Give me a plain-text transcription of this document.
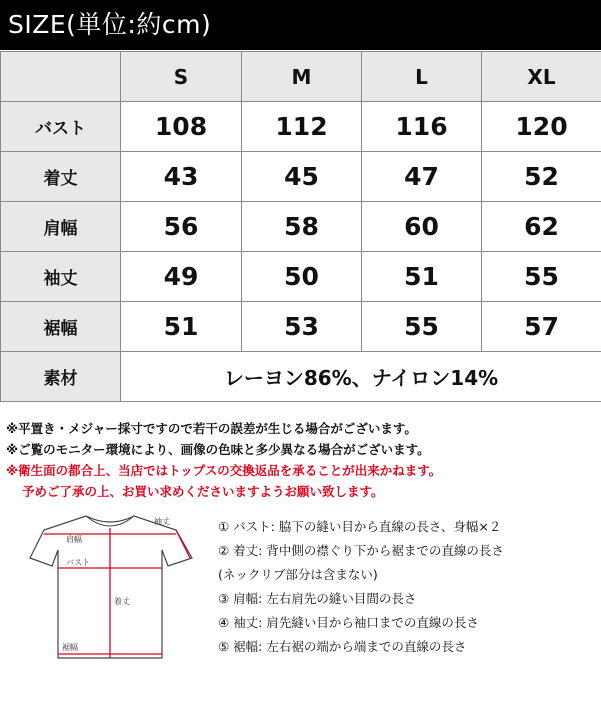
SIZE(単位:約cm)
	S	M	L	XL
バスト	108	112	116	120
着丈	43	45	47	52
肩幅	56	58	60	62
袖丈	49	50	51	55
裾幅	51	53	55	57
素材	レーヨン86%、ナイロン14%			
※平置き・メジャー採寸ですので若干の誤差が生じる場合がございます。
※ご覧のモニター環境により、画像の色味と多少異なる場合がございます。
※衛生面の都合上、当店ではトップスの交換返品を承ることが出来かねます。
予めご了承の上、お買い求めくださいますようお願い致します。
肩幅
袖丈
バスト
着丈
裾幅
① バスト: 脇下の縫い目から直線の長さ、身幅×２
② 着丈: 背中側の襟ぐり下から裾までの直線の長さ
(ネックリブ部分は含まない)
③ 肩幅: 左右肩先の縫い目間の長さ
④ 袖丈: 肩先縫い目から袖口までの直線の長さ
⑤ 裾幅: 左右裾の端から端までの直線の長さ
